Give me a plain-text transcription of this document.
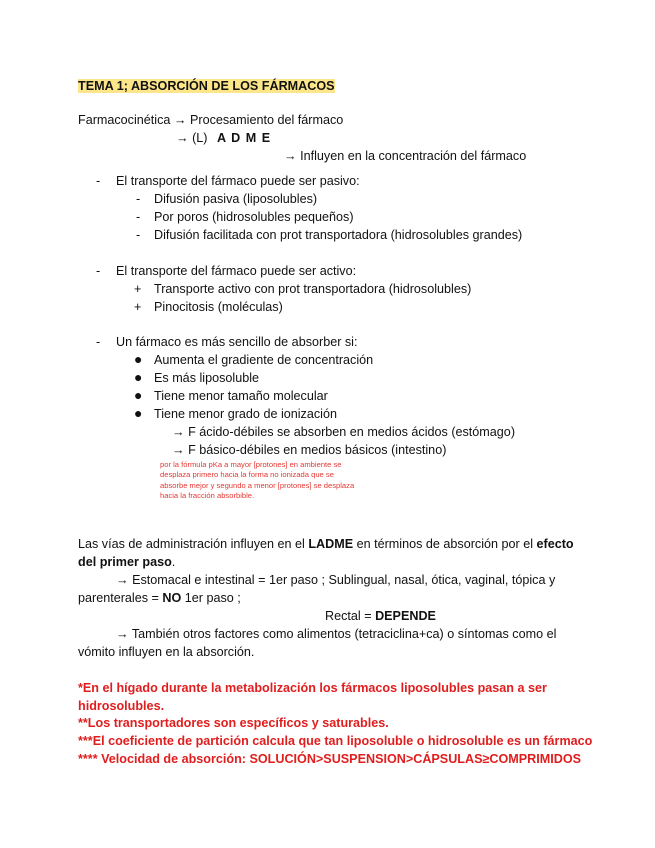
TEMA 1; ABSORCIÓN DE LOS FÁRMACOS
Farmacocinética → Procesamiento del fármaco
→ (L) A D M E
→ Influyen en la concentración del fármaco
- El transporte del fármaco puede ser pasivo:
- Difusión pasiva (liposolubles)
- Por poros (hidrosolubles pequeños)
- Difusión facilitada con prot transportadora (hidrosolubles grandes)
- El transporte del fármaco puede ser activo:
+ Transporte activo con prot transportadora (hidrosolubles)
+ Pinocitosis (moléculas)
- Un fármaco es más sencillo de absorber si:
● Aumenta el gradiente de concentración
● Es más liposoluble
● Tiene menor tamaño molecular
● Tiene menor grado de ionización
→ F ácido-débiles se absorben en medios ácidos (estómago)
→ F básico-débiles en medios básicos (intestino)
por la fórmula pKa a mayor [protones] en ambiente se desplaza primero hacia la forma no ionizada que se absorbe mejor y segundo a menor [protones] se desplaza hacia la fracción absorbible.
Las vías de administración influyen en el LADME en términos de absorción por el efecto
del primer paso.
→ Estomacal e intestinal = 1er paso ; Sublingual, nasal, ótica, vaginal, tópica y
parenterales = NO 1er paso ;
Rectal = DEPENDE
→ También otros factores como alimentos (tetraciclina+ca) o síntomas como el
vómito influyen en la absorción.
*En el hígado durante la metabolización los fármacos liposolubles pasan a ser
hidrosolubles.
**Los transportadores son específicos y saturables.
***El coeficiente de partición calcula que tan liposoluble o hidrosoluble es un fármaco
**** Velocidad de absorción: SOLUCIÓN>SUSPENSION>CÁPSULAS≥COMPRIMIDOS
